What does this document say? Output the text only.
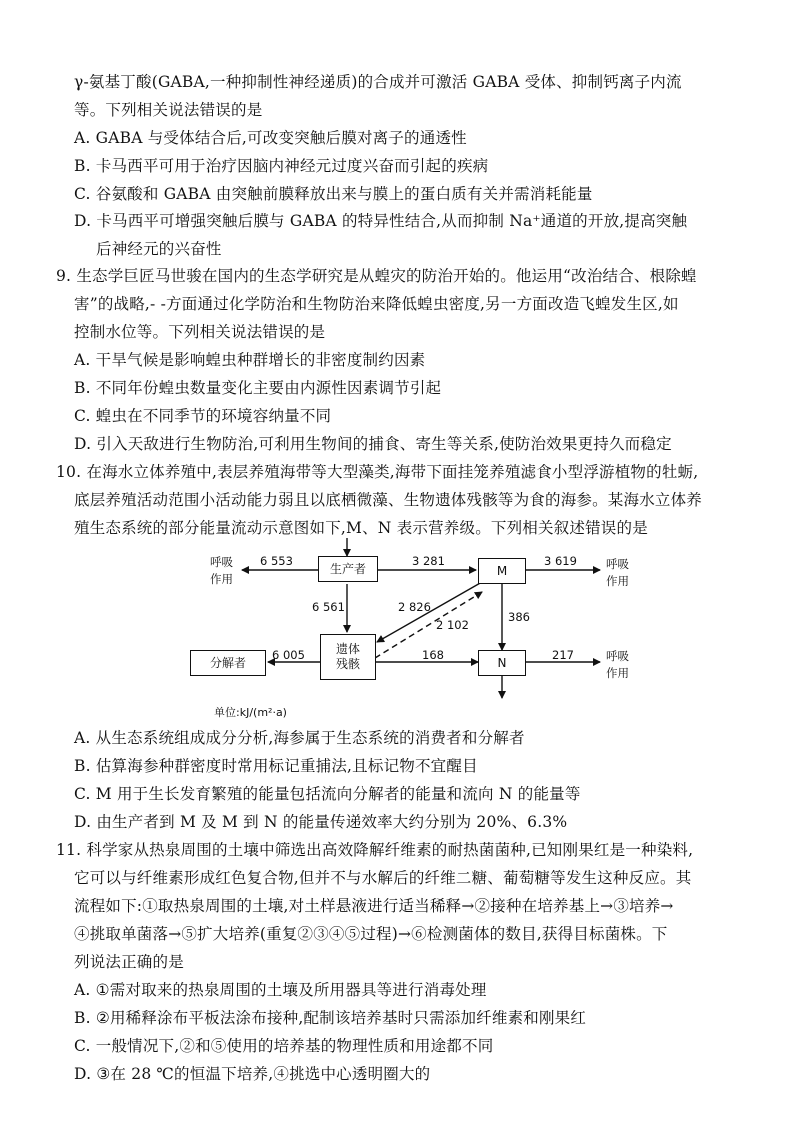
γ-氨基丁酸(GABA,一种抑制性神经递质)的合成并可激活 GABA 受体、抑制钙离子内流
等。下列相关说法错误的是
A. GABA 与受体结合后,可改变突触后膜对离子的通透性
B. 卡马西平可用于治疗因脑内神经元过度兴奋而引起的疾病
C. 谷氨酸和 GABA 由突触前膜释放出来与膜上的蛋白质有关并需消耗能量
D. 卡马西平可增强突触后膜与 GABA 的特异性结合,从而抑制 Na⁺通道的开放,提高突触
后神经元的兴奋性
9. 生态学巨匠马世骏在国内的生态学研究是从蝗灾的防治开始的。他运用“改治结合、根除蝗
害”的战略,- -方面通过化学防治和生物防治来降低蝗虫密度,另一方面改造飞蝗发生区,如
控制水位等。下列相关说法错误的是
A. 干旱气候是影响蝗虫种群增长的非密度制约因素
B. 不同年份蝗虫数量变化主要由内源性因素调节引起
C. 蝗虫在不同季节的环境容纳量不同
D. 引入天敌进行生物防治,可利用生物间的捕食、寄生等关系,使防治效果更持久而稳定
10. 在海水立体养殖中,表层养殖海带等大型藻类,海带下面挂笼养殖滤食小型浮游植物的牡蛎,
底层养殖活动范围小活动能力弱且以底栖微藻、生物遗体残骸等为食的海参。某海水立体养
殖生态系统的部分能量流动示意图如下,M、N 表示营养级。下列相关叙述错误的是
生产者	M
N
遗体
残骸
分解者
呼吸
作用
呼吸
作用
呼吸
作用
6 553	3 281	3 619
6 561	2 826
2 102
386
6 005	168	217
单位:kJ/(m²·a)
A. 从生态系统组成成分分析,海参属于生态系统的消费者和分解者
B. 估算海参种群密度时常用标记重捕法,且标记物不宜醒目
C. M 用于生长发育繁殖的能量包括流向分解者的能量和流向 N 的能量等
D. 由生产者到 M 及 M 到 N 的能量传递效率大约分别为 20%、6.3%
11. 科学家从热泉周围的土壤中筛选出高效降解纤维素的耐热菌菌种,已知刚果红是一种染料,
它可以与纤维素形成红色复合物,但并不与水解后的纤维二糖、葡萄糖等发生这种反应。其
流程如下:①取热泉周围的土壤,对土样悬液进行适当稀释→②接种在培养基上→③培养→
④挑取单菌落→⑤扩大培养(重复②③④⑤过程)→⑥检测菌体的数目,获得目标菌株。下
列说法正确的是
A. ①需对取来的热泉周围的土壤及所用器具等进行消毒处理
B. ②用稀释涂布平板法涂布接种,配制该培养基时只需添加纤维素和刚果红
C. 一般情况下,②和⑤使用的培养基的物理性质和用途都不同
D. ③在 28 ℃的恒温下培养,④挑选中心透明圈大的
